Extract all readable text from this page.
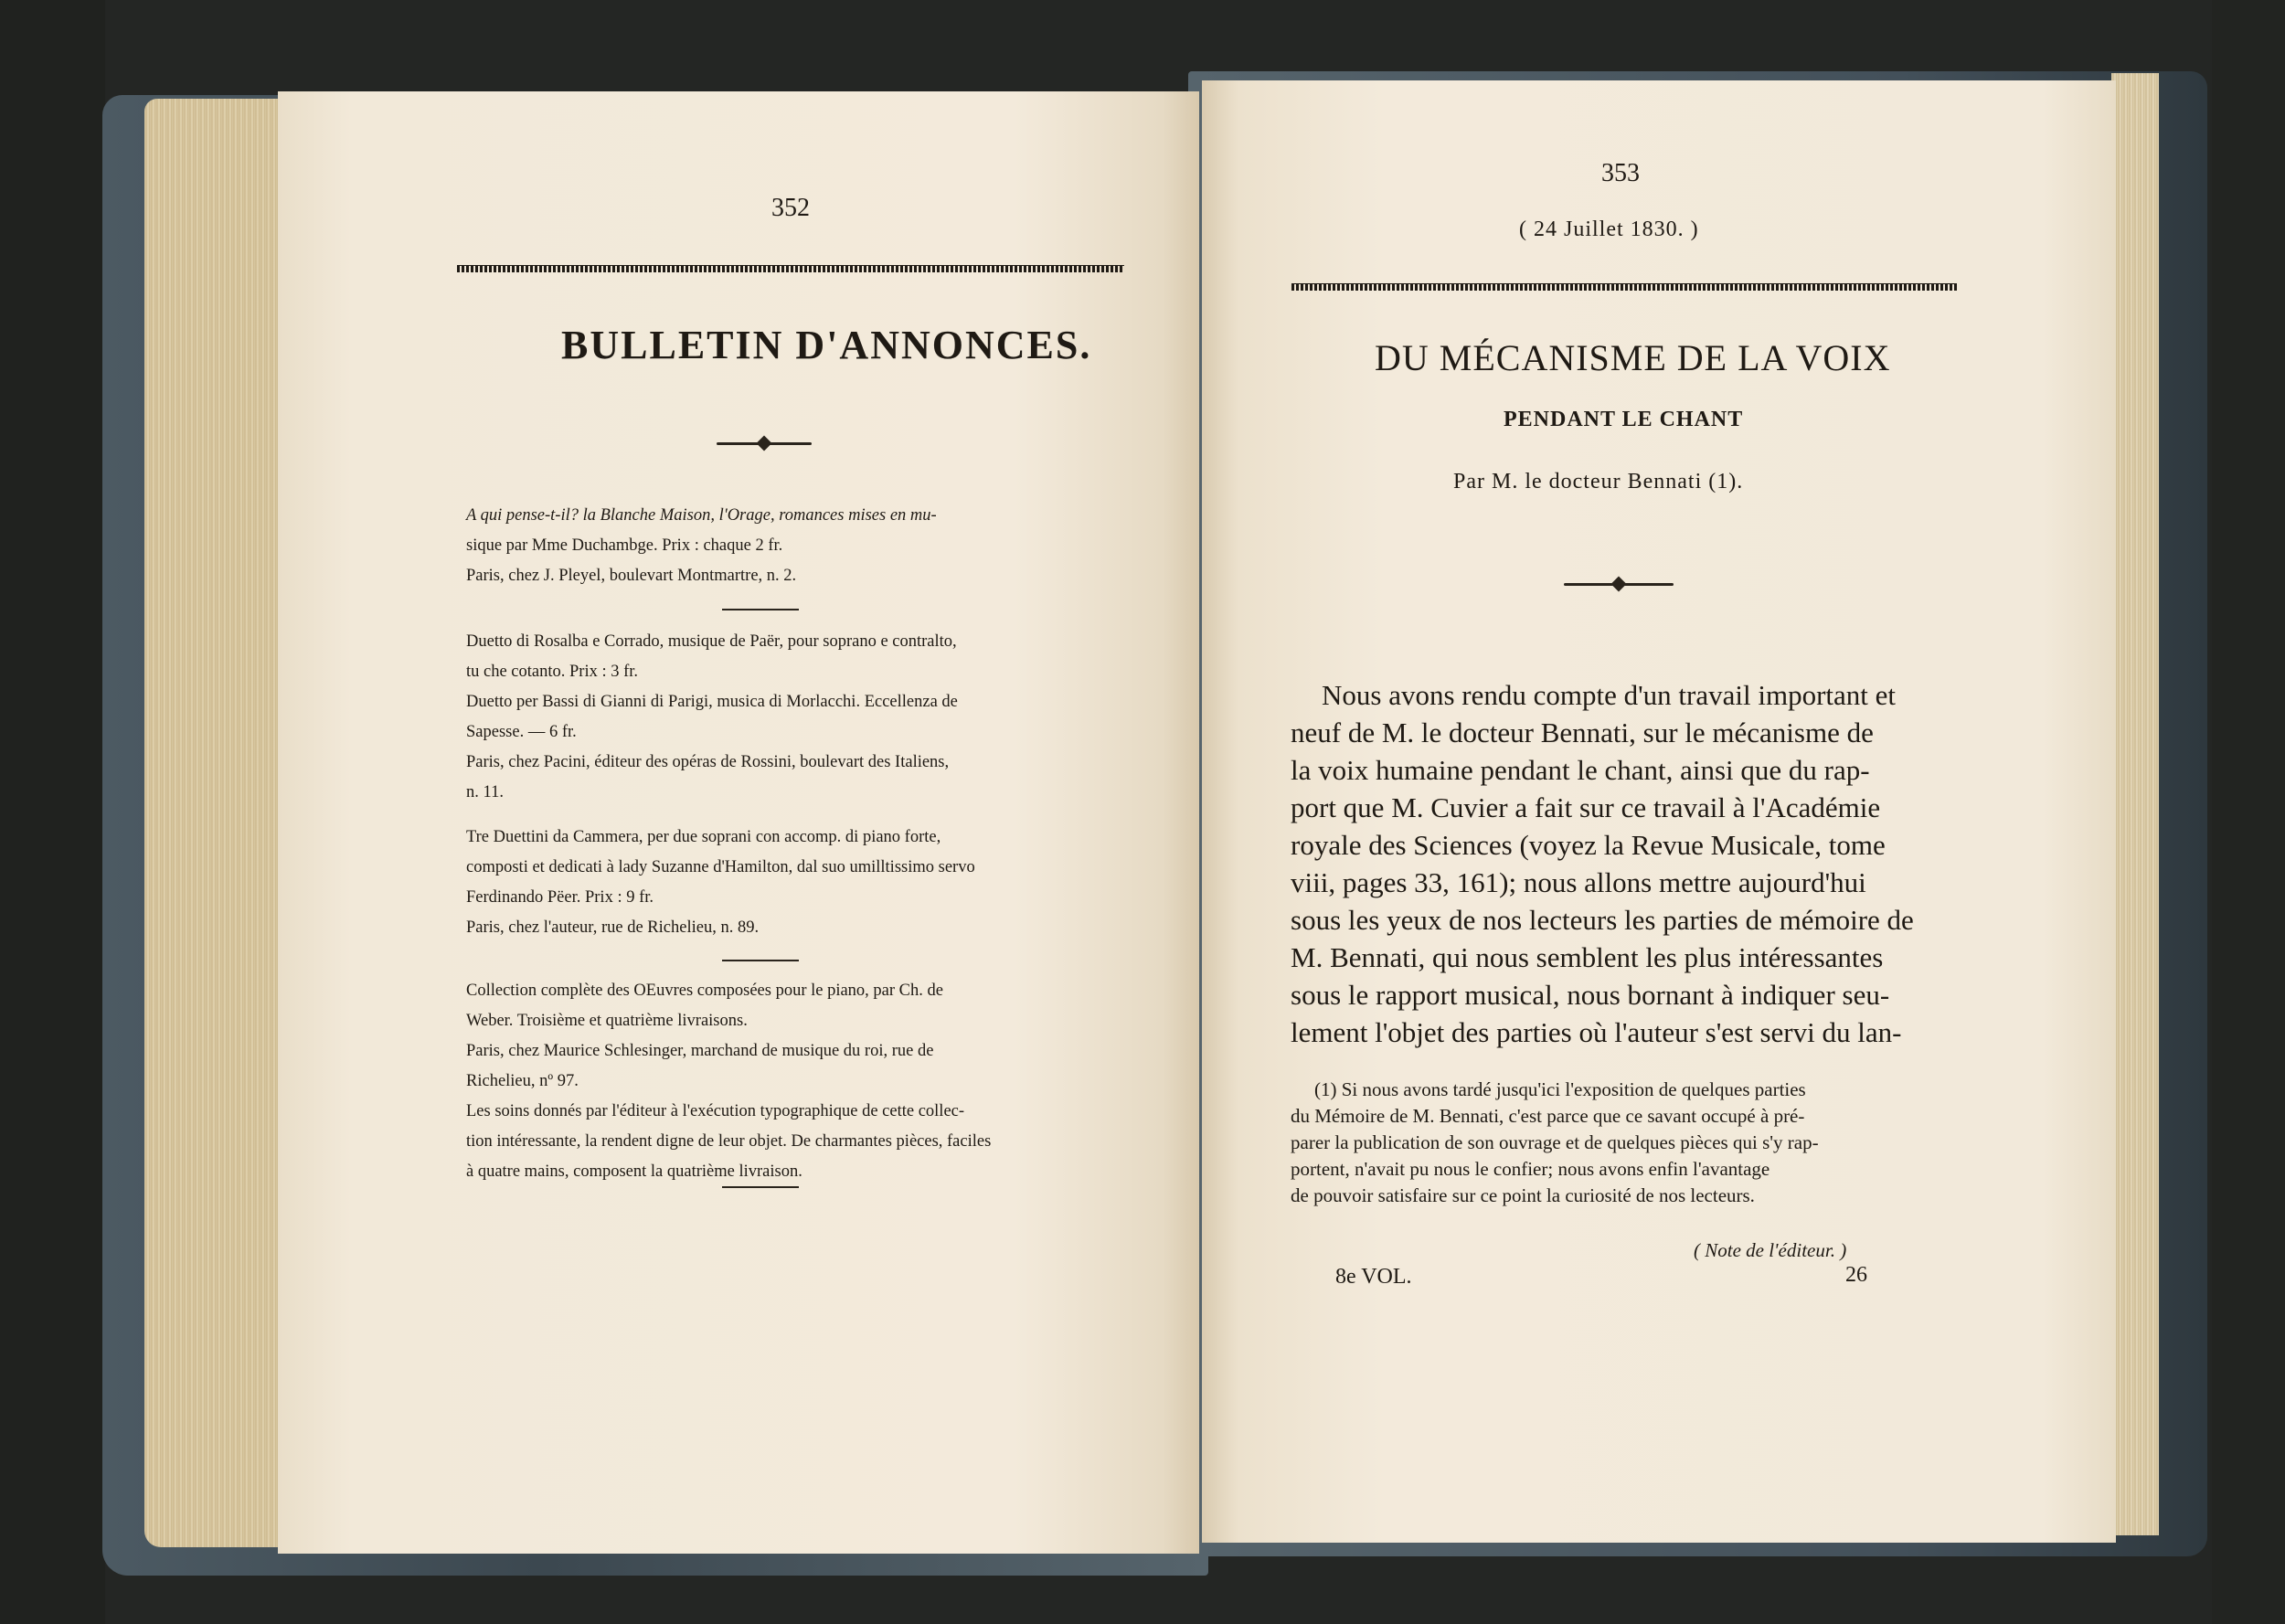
352
BULLETIN D'ANNONCES.
A qui pense-t-il? la Blanche Maison, l'Orage, romances mises en mu-
sique par Mme Duchambge. Prix : chaque 2 fr.
Paris, chez J. Pleyel, boulevart Montmartre, n. 2.
Duetto di Rosalba e Corrado, musique de Paër, pour soprano e contralto,
tu che cotanto. Prix : 3 fr.
Duetto per Bassi di Gianni di Parigi, musica di Morlacchi. Eccellenza de
Sapesse. — 6 fr.
Paris, chez Pacini, éditeur des opéras de Rossini, boulevart des Italiens,
n. 11.
Tre Duettini da Cammera, per due soprani con accomp. di piano forte,
composti et dedicati à lady Suzanne d'Hamilton, dal suo umilltissimo servo
Ferdinando Pëer. Prix : 9 fr.
Paris, chez l'auteur, rue de Richelieu, n. 89.
Collection complète des OEuvres composées pour le piano, par Ch. de
Weber. Troisième et quatrième livraisons.
Paris, chez Maurice Schlesinger, marchand de musique du roi, rue de
Richelieu, nº 97.
Les soins donnés par l'éditeur à l'exécution typographique de cette collec-
tion intéressante, la rendent digne de leur objet. De charmantes pièces, faciles
à quatre mains, composent la quatrième livraison.
353
( 24 Juillet 1830. )
DU MÉCANISME DE LA VOIX
PENDANT LE CHANT
Par M. le docteur Bennati (1).
Nous avons rendu compte d'un travail important et
neuf de M. le docteur Bennati, sur le mécanisme de
la voix humaine pendant le chant, ainsi que du rap-
port que M. Cuvier a fait sur ce travail à l'Académie
royale des Sciences (voyez la Revue Musicale, tome
viii, pages 33, 161); nous allons mettre aujourd'hui
sous les yeux de nos lecteurs les parties de mémoire de
M. Bennati, qui nous semblent les plus intéressantes
sous le rapport musical, nous bornant à indiquer seu-
lement l'objet des parties où l'auteur s'est servi du lan-
(1) Si nous avons tardé jusqu'ici l'exposition de quelques parties
du Mémoire de M. Bennati, c'est parce que ce savant occupé à pré-
parer la publication de son ouvrage et de quelques pièces qui s'y rap-
portent, n'avait pu nous le confier; nous avons enfin l'avantage
de pouvoir satisfaire sur ce point la curiosité de nos lecteurs.
( Note de l'éditeur. )
8e VOL.	26
